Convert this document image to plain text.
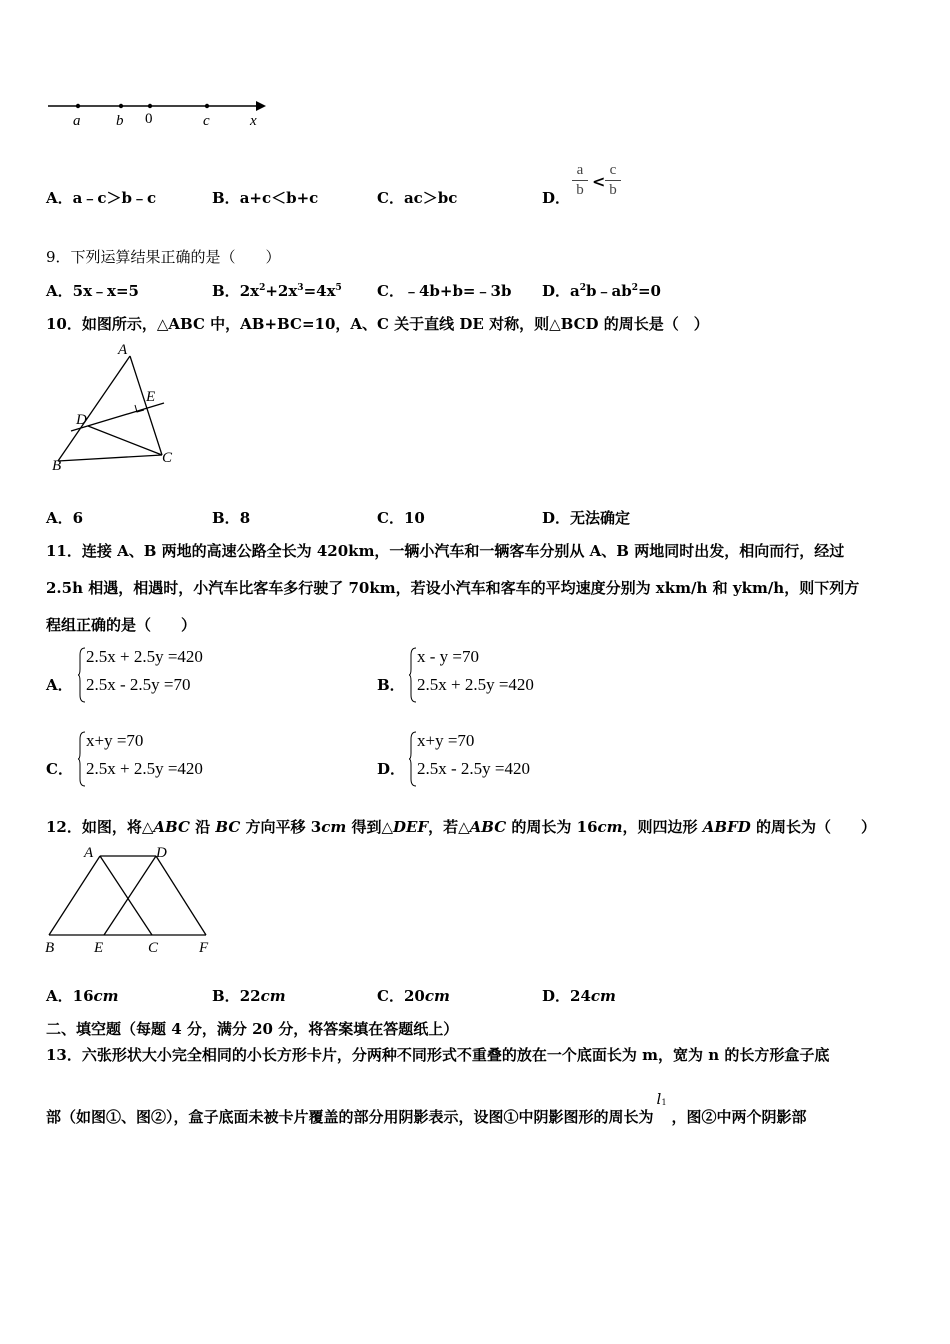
a b 0	c	x
A．a﹣c＞b﹣c	B．a+c＜b+c	C．ac＞bc	D．
a
b <
c
b
9．下列运算结果正确的是（　　）
A．5x﹣x=5	B．$2x^2+2x^3=4x^5$ C．﹣4b+b=﹣3b D．$a^2b﹣ab^2=0$
10．如图所示，△ABC 中，AB+BC=10，A、C 关于直线 DE 对称，则△BCD 的周长是（　）
A
E
D
B	C
A．6	B．8	C．10	D．无法确定
11．连接 A、B 两地的高速公路全长为 420km，一辆小汽车和一辆客车分别从 A、B 两地同时出发，相向而行，经过
2.5h 相遇，相遇时，小汽车比客车多行驶了 70km，若设小汽车和客车的平均速度分别为 xkm/h 和 ykm/h，则下列方
程组正确的是（　　）
A．
2.5x + 2.5y =420
2.5x - 2.5y =70	B．
x - y =70
2.5x + 2.5y =420
C．
x+y =70
2.5x + 2.5y =420	D．
x+y =70
2.5x - 2.5y =420
12．如图，将△ABC 沿 BC 方向平移 3cm 得到△DEF，若△ABC 的周长为 16cm，则四边形 ABFD 的周长为（　　）
A	D
B	E	C	F
A．16cm	B．22cm	C．20cm	D．24cm
二、填空题（每题 4 分，满分 20 分，将答案填在答题纸上）
13．六张形状大小完全相同的小长方形卡片，分两种不同形式不重叠的放在一个底面长为 m，宽为 n 的长方形盒子底
部（如图①、图②），盒子底面未被卡片覆盖的部分用阴影表示，设图①中阴影图形的周长为
l 1
，图②中两个阴影部
